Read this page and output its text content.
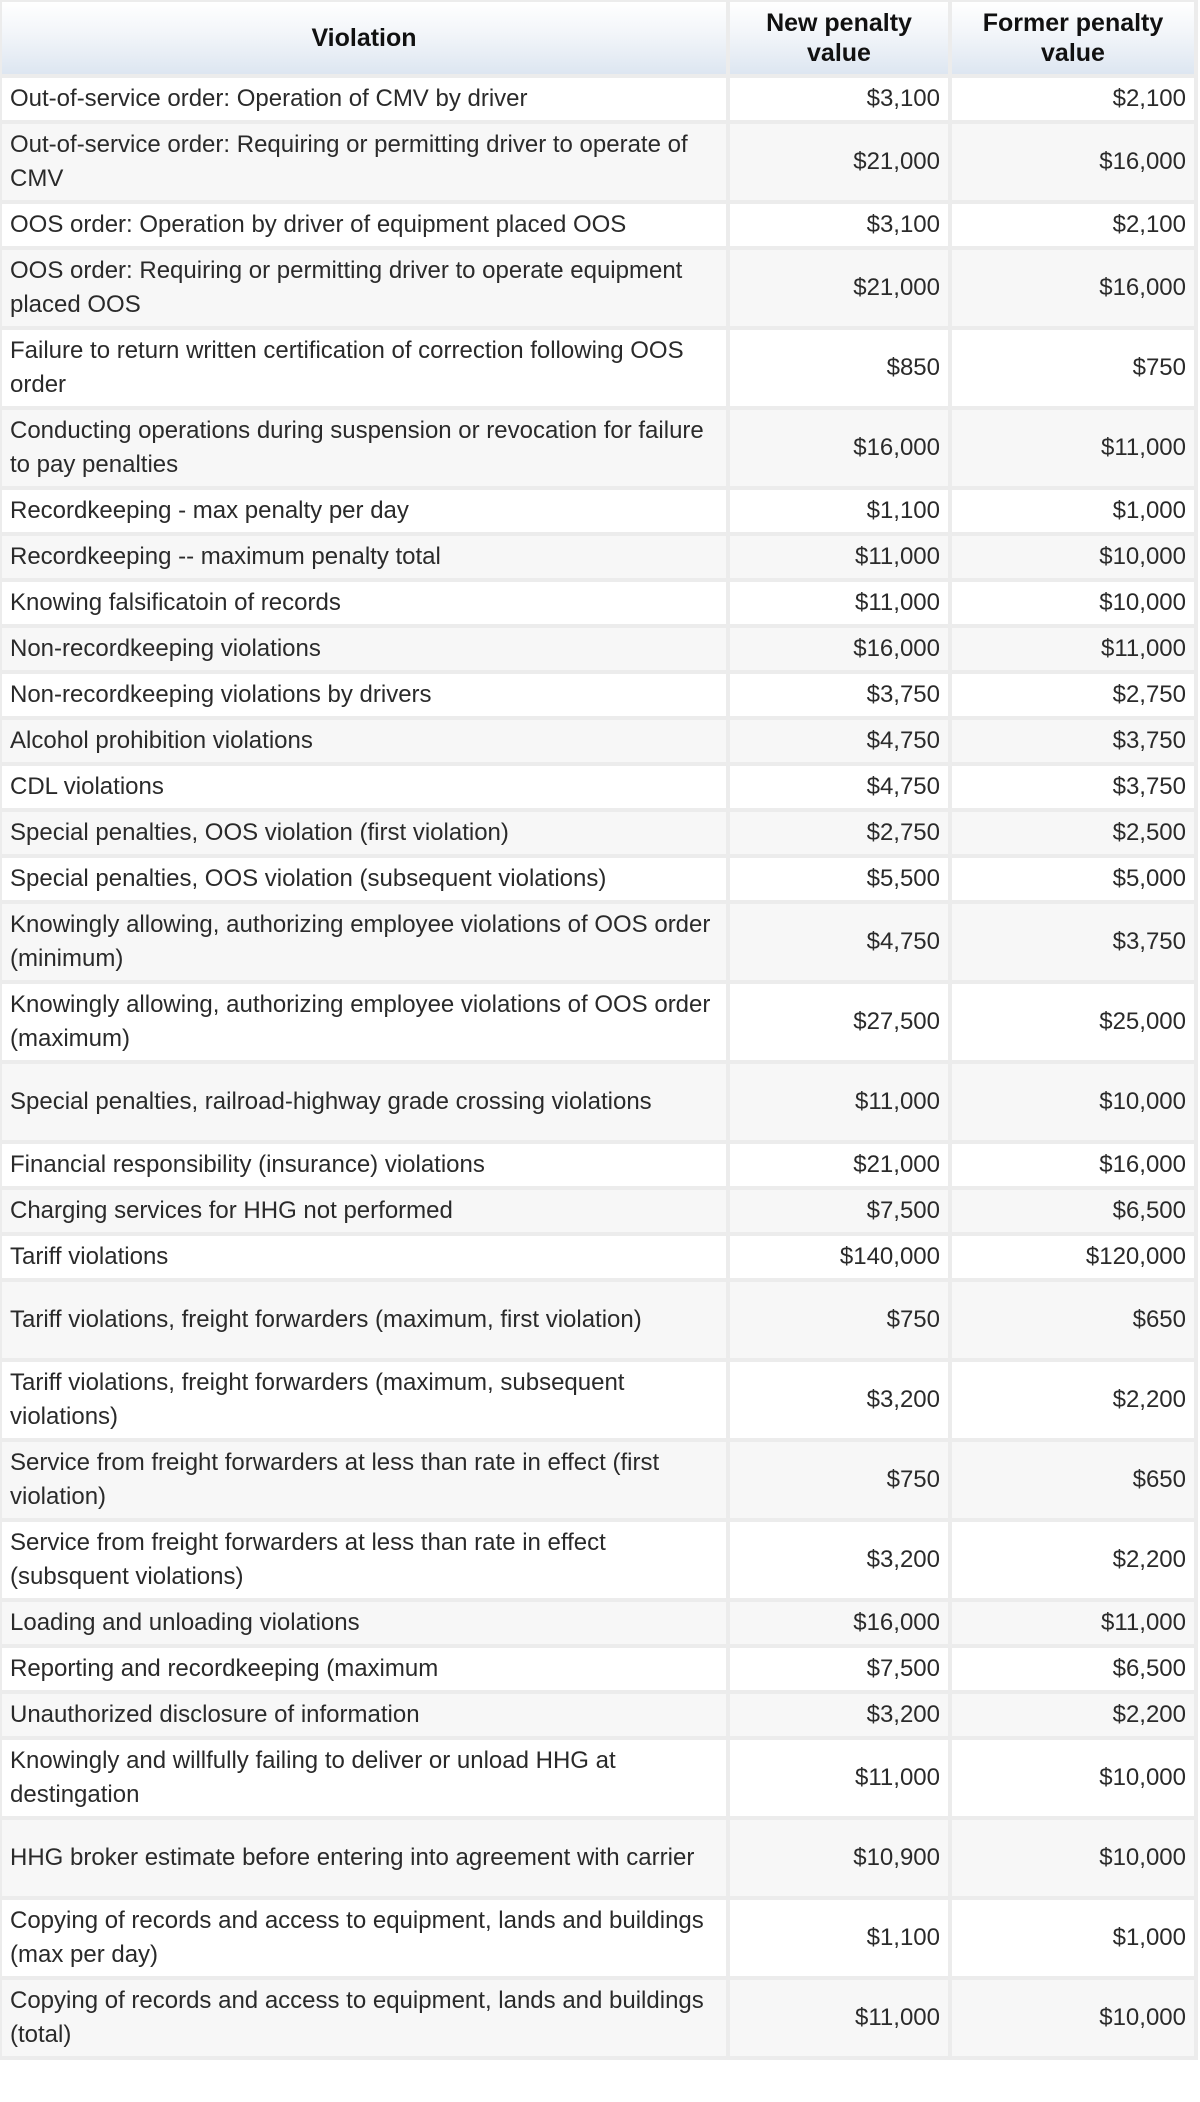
Violation	New penalty value	Former penalty value
Out-of-service order: Operation of CMV by driver	$3,100	$2,100
Out-of-service order: Requiring or permitting driver to operate of CMV	$21,000	$16,000
OOS order: Operation by driver of equipment placed OOS	$3,100	$2,100
OOS order: Requiring or permitting driver to operate equipment placed OOS	$21,000	$16,000
Failure to return written certification of correction following OOS order	$850	$750
Conducting operations during suspension or revocation for failure to pay penalties	$16,000	$11,000
Recordkeeping - max penalty per day	$1,100	$1,000
Recordkeeping -- maximum penalty total	$11,000	$10,000
Knowing falsificatoin of records	$11,000	$10,000
Non-recordkeeping violations	$16,000	$11,000
Non-recordkeeping violations by drivers	$3,750	$2,750
Alcohol prohibition violations	$4,750	$3,750
CDL violations	$4,750	$3,750
Special penalties, OOS violation (first violation)	$2,750	$2,500
Special penalties, OOS violation (subsequent violations)	$5,500	$5,000
Knowingly allowing, authorizing employee violations of OOS order (minimum)	$4,750	$3,750
Knowingly allowing, authorizing employee violations of OOS order (maximum)	$27,500	$25,000
Special penalties, railroad-highway grade crossing violations	$11,000	$10,000
Financial responsibility (insurance) violations	$21,000	$16,000
Charging services for HHG not performed	$7,500	$6,500
Tariff violations	$140,000	$120,000
Tariff violations, freight forwarders (maximum, first violation)	$750	$650
Tariff violations, freight forwarders (maximum, subsequent violations)	$3,200	$2,200
Service from freight forwarders at less than rate in effect (first violation)	$750	$650
Service from freight forwarders at less than rate in effect (subsquent violations)	$3,200	$2,200
Loading and unloading violations	$16,000	$11,000
Reporting and recordkeeping (maximum	$7,500	$6,500
Unauthorized disclosure of information	$3,200	$2,200
Knowingly and willfully failing to deliver or unload HHG at destingation	$11,000	$10,000
HHG broker estimate before entering into agreement with carrier	$10,900	$10,000
Copying of records and access to equipment, lands and buildings (max per day)	$1,100	$1,000
Copying of records and access to equipment, lands and buildings (total)	$11,000	$10,000
